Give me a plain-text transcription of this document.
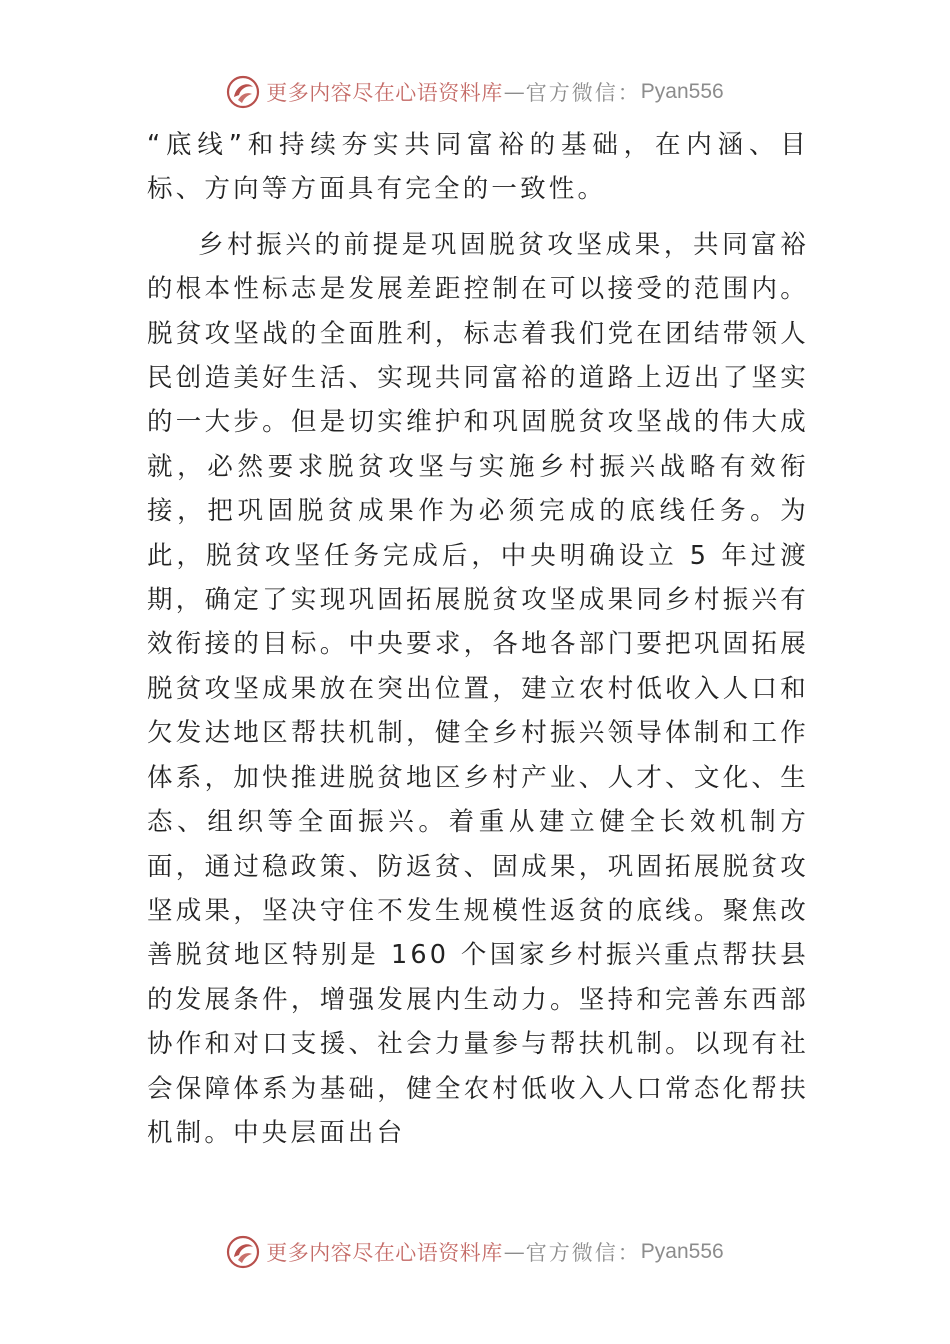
更多内容尽在心语资料库 — 官方微信： Pyan556

“底线”和持续夯实共同富裕的基础，在内涵、目标、方向等方面具有完全的一致性。

乡村振兴的前提是巩固脱贫攻坚成果，共同富裕的根本性标志是发展差距控制在可以接受的范围内。脱贫攻坚战的全面胜利，标志着我们党在团结带领人民创造美好生活、实现共同富裕的道路上迈出了坚实的一大步。但是切实维护和巩固脱贫攻坚战的伟大成就，必然要求脱贫攻坚与实施乡村振兴战略有效衔接，把巩固脱贫成果作为必须完成的底线任务。为此，脱贫攻坚任务完成后，中央明确设立 5 年过渡期，确定了实现巩固拓展脱贫攻坚成果同乡村振兴有效衔接的目标。中央要求，各地各部门要把巩固拓展脱贫攻坚成果放在突出位置，建立农村低收入人口和欠发达地区帮扶机制，健全乡村振兴领导体制和工作体系，加快推进脱贫地区乡村产业、人才、文化、生态、组织等全面振兴。着重从建立健全长效机制方面，通过稳政策、防返贫、固成果，巩固拓展脱贫攻坚成果，坚决守住不发生规模性返贫的底线。聚焦改善脱贫地区特别是 160 个国家乡村振兴重点帮扶县的发展条件，增强发展内生动力。坚持和完善东西部协作和对口支援、社会力量参与帮扶机制。以现有社会保障体系为基础，健全农村低收入人口常态化帮扶机制。中央层面出台

更多内容尽在心语资料库 — 官方微信： Pyan556
